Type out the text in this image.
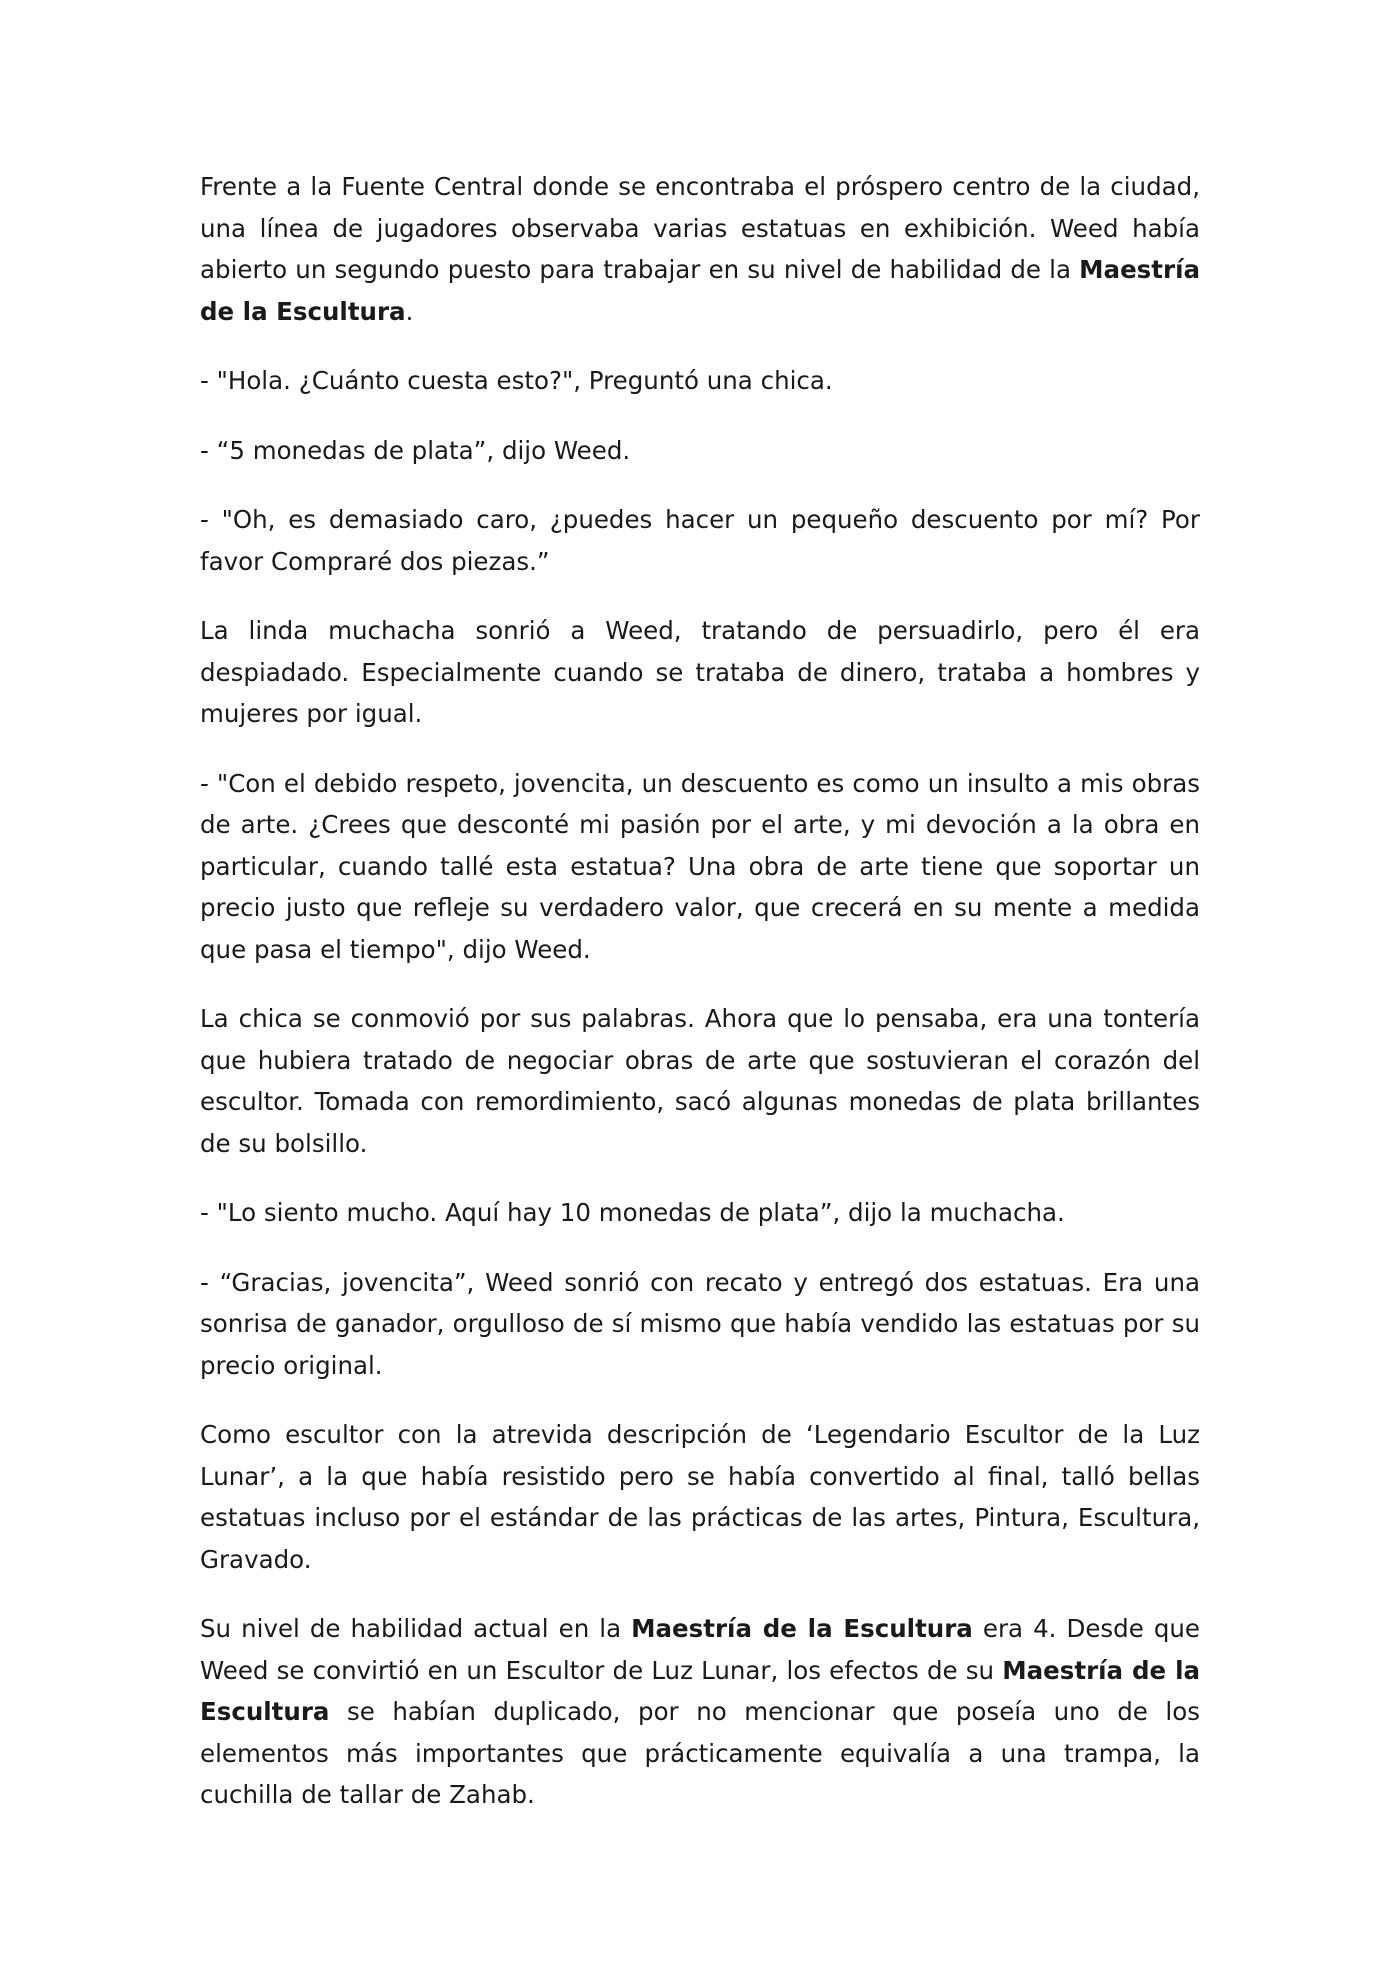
Frente a la Fuente Central donde se encontraba el próspero centro de la ciudad, una línea de jugadores observaba varias estatuas en exhibición. Weed había abierto un segundo puesto para trabajar en su nivel de habilidad de la Maestría de la Escultura.

- "Hola. ¿Cuánto cuesta esto?", Preguntó una chica.

- “5 monedas de plata”, dijo Weed.

- "Oh, es demasiado caro, ¿puedes hacer un pequeño descuento por mí? Por favor Compraré dos piezas.”

La linda muchacha sonrió a Weed, tratando de persuadirlo, pero él era despiadado. Especialmente cuando se trataba de dinero, trataba a hombres y mujeres por igual.

- "Con el debido respeto, jovencita, un descuento es como un insulto a mis obras de arte. ¿Crees que desconté mi pasión por el arte, y mi devoción a la obra en particular, cuando tallé esta estatua? Una obra de arte tiene que soportar un precio justo que refleje su verdadero valor, que crecerá en su mente a medida que pasa el tiempo", dijo Weed.

La chica se conmovió por sus palabras. Ahora que lo pensaba, era una tontería que hubiera tratado de negociar obras de arte que sostuvieran el corazón del escultor. Tomada con remordimiento, sacó algunas monedas de plata brillantes de su bolsillo.

- "Lo siento mucho. Aquí hay 10 monedas de plata”, dijo la muchacha.

- “Gracias, jovencita”, Weed sonrió con recato y entregó dos estatuas. Era una sonrisa de ganador, orgulloso de sí mismo que había vendido las estatuas por su precio original.

Como escultor con la atrevida descripción de ‘Legendario Escultor de la Luz Lunar’, a la que había resistido pero se había convertido al final, talló bellas estatuas incluso por el estándar de las prácticas de las artes, Pintura, Escultura, Gravado.

Su nivel de habilidad actual en la Maestría de la Escultura era 4. Desde que Weed se convirtió en un Escultor de Luz Lunar, los efectos de su Maestría de la Escultura se habían duplicado, por no mencionar que poseía uno de los elementos más importantes que prácticamente equivalía a una trampa, la cuchilla de tallar de Zahab.
